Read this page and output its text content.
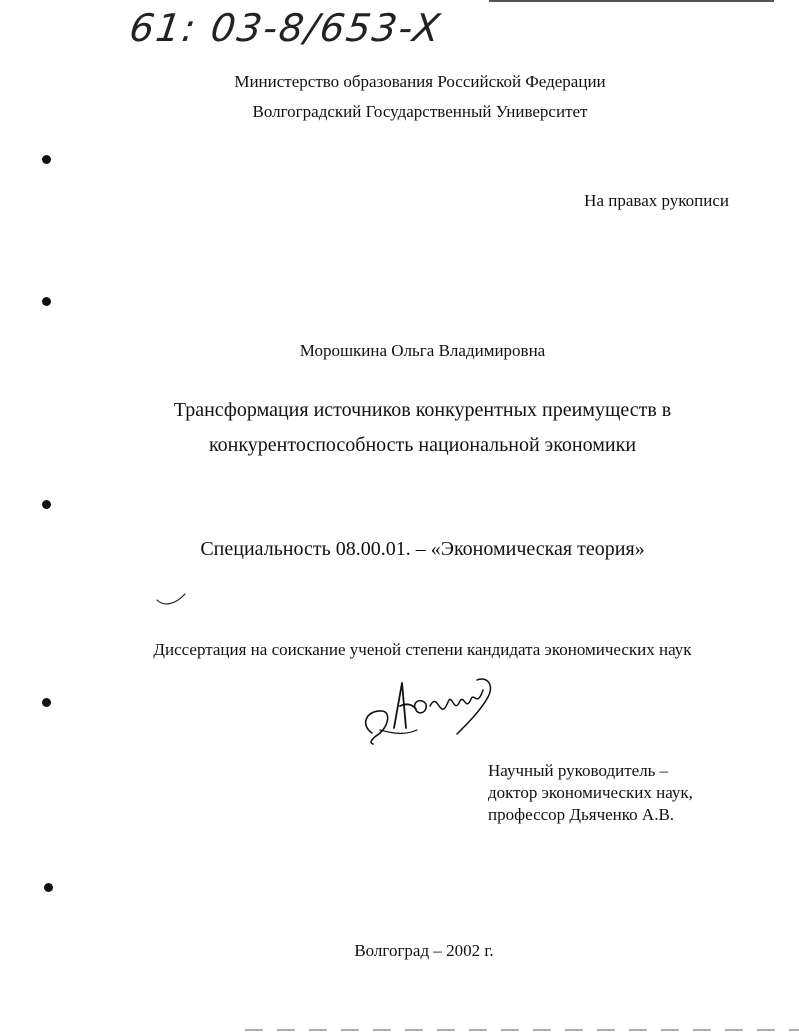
61: 03-8/653-X
Министерство образования Российской Федерации
Волгоградский Государственный Университет
На правах рукописи
Морошкина Ольга Владимировна
Трансформация источников конкурентных преимуществ в
конкурентоспособность национальной экономики
Специальность 08.00.01. – «Экономическая теория»
Диссертация на соискание ученой степени кандидата экономических наук
Научный руководитель –
доктор экономических наук,
профессор Дьяченко А.В.
Волгоград – 2002 г.
